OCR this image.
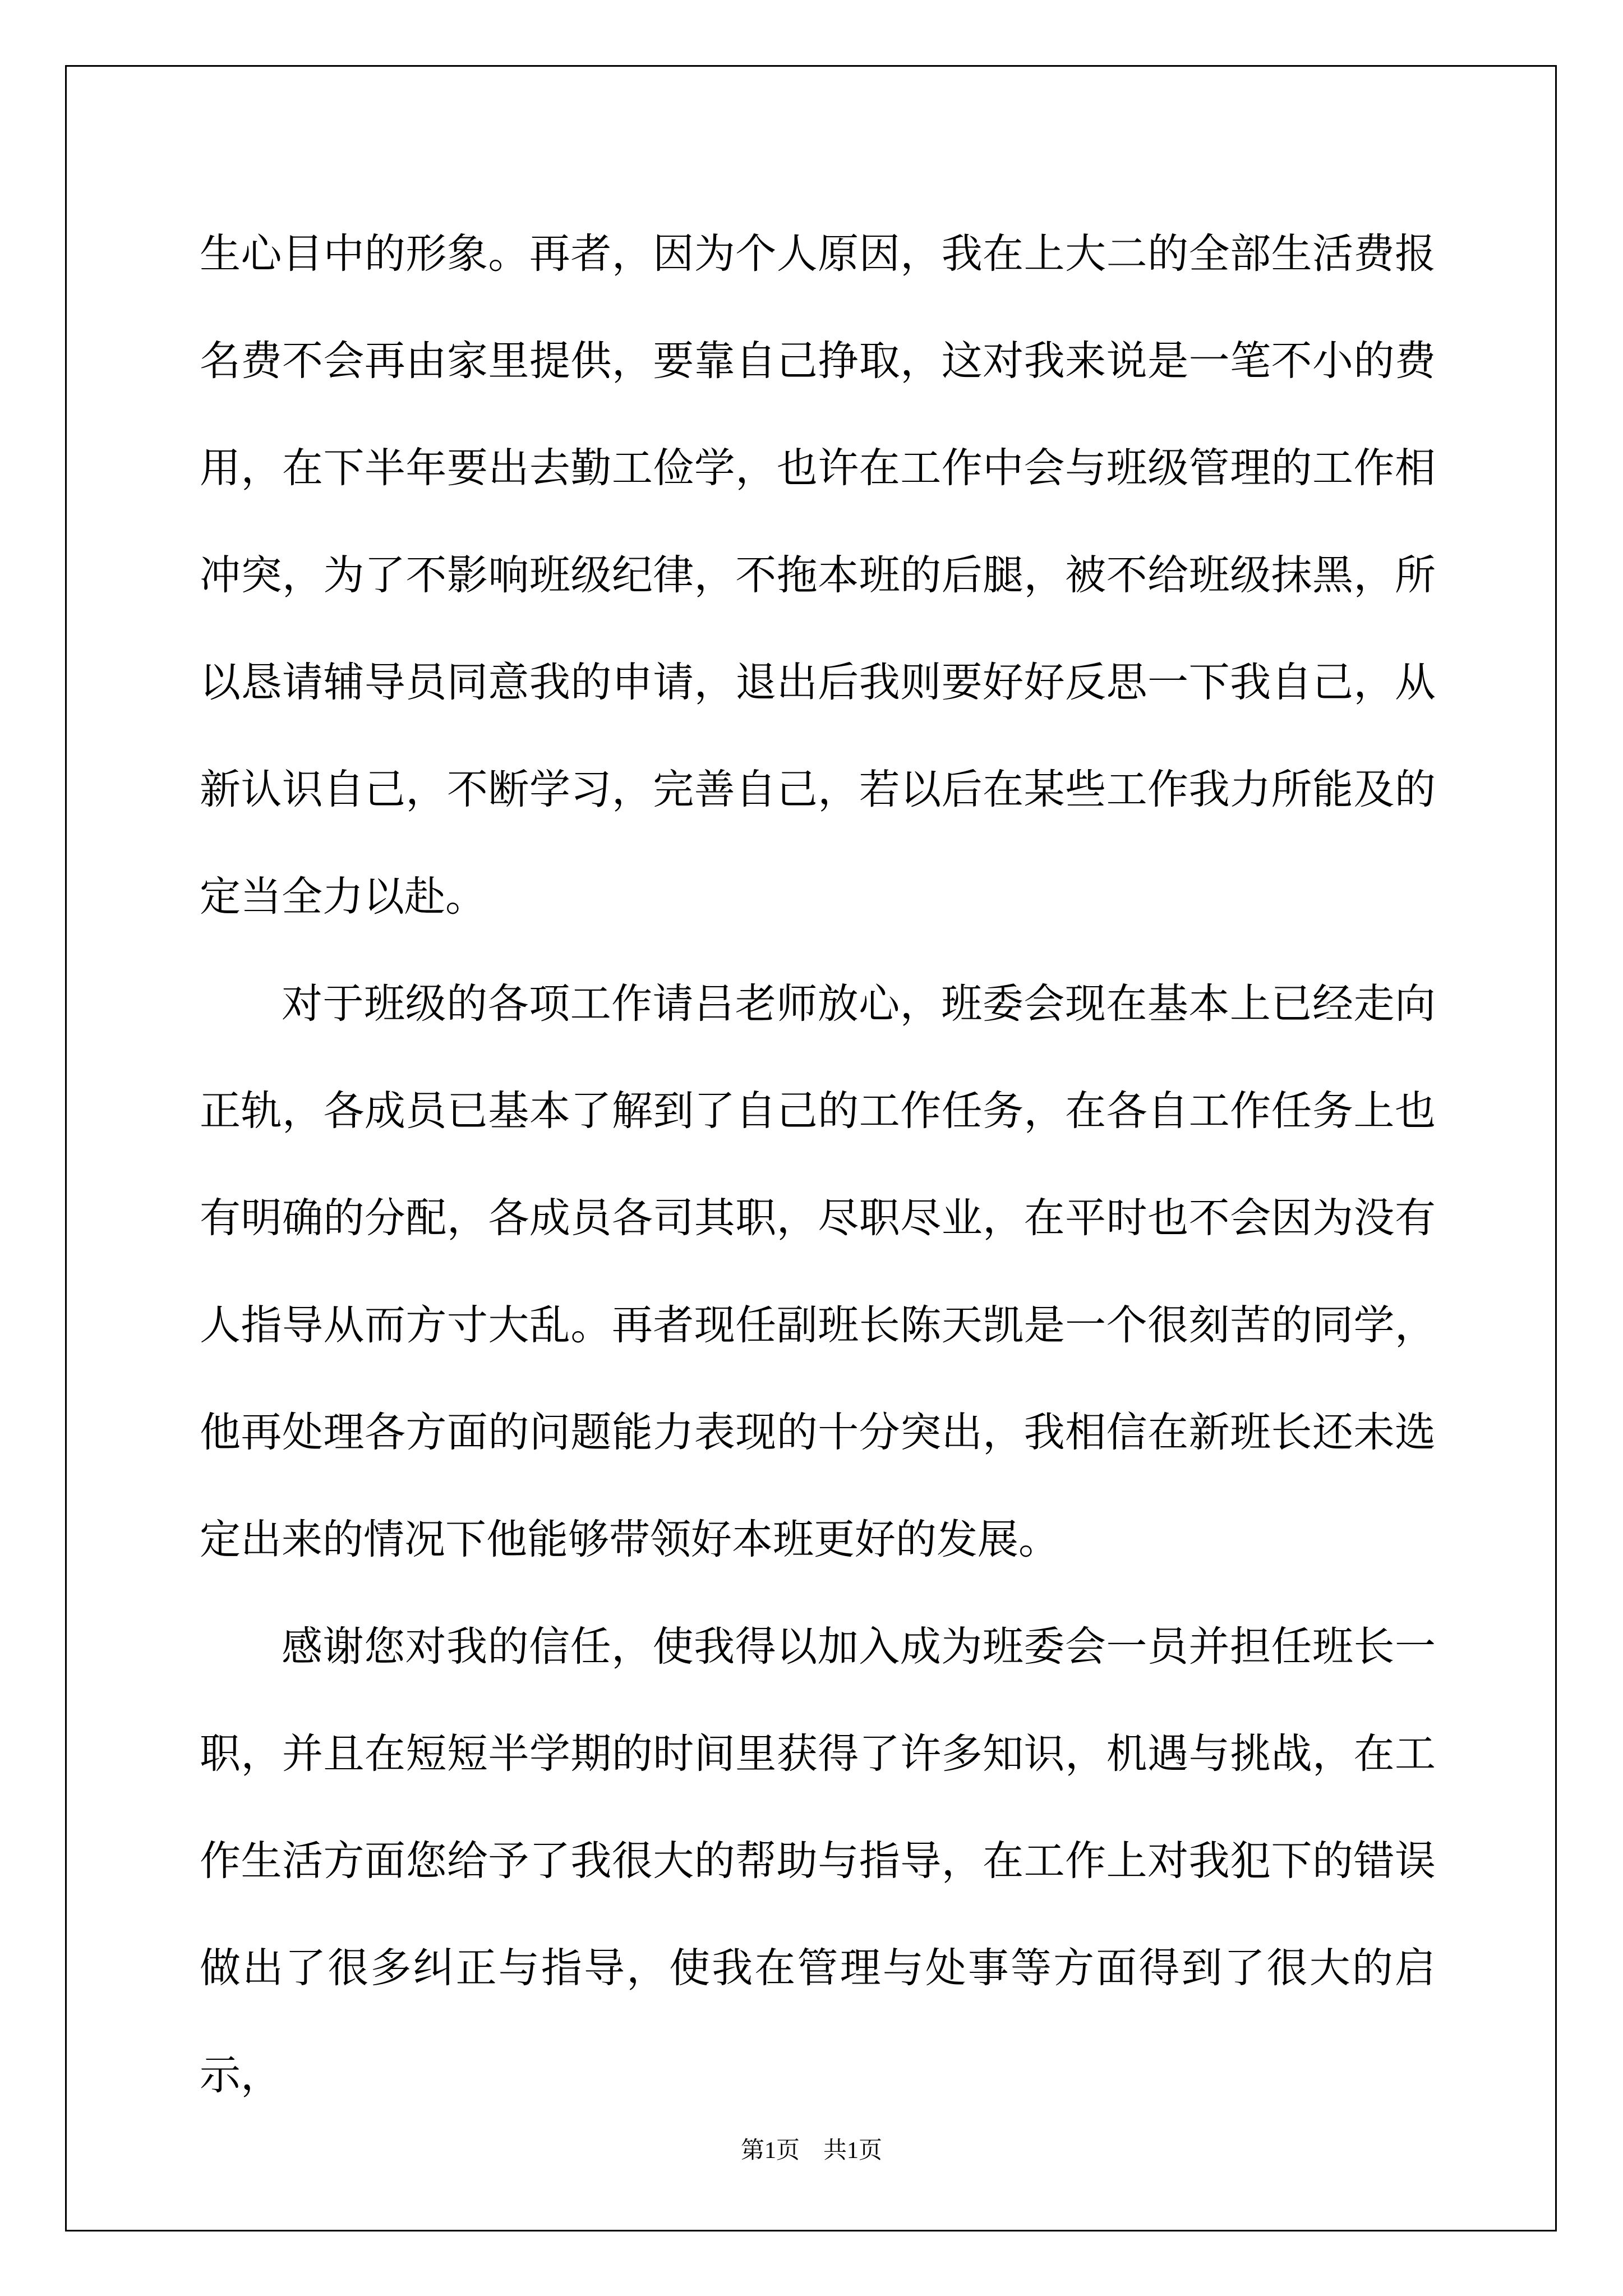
生心目中的形象。再者，因为个人原因，我在上大二的全部生活费报名费不会再由家里提供，要靠自己挣取，这对我来说是一笔不小的费用，在下半年要出去勤工俭学，也许在工作中会与班级管理的工作相冲突，为了不影响班级纪律，不拖本班的后腿，被不给班级抹黑，所以恳请辅导员同意我的申请，退出后我则要好好反思一下我自己，从新认识自己，不断学习，完善自己，若以后在某些工作我力所能及的定当全力以赴。

对于班级的各项工作请吕老师放心，班委会现在基本上已经走向正轨，各成员已基本了解到了自己的工作任务，在各自工作任务上也有明确的分配，各成员各司其职，尽职尽业，在平时也不会因为没有人指导从而方寸大乱。再者现任副班长陈天凯是一个很刻苦的同学，他再处理各方面的问题能力表现的十分突出，我相信在新班长还未选定出来的情况下他能够带领好本班更好的发展。

感谢您对我的信任，使我得以加入成为班委会一员并担任班长一职，并且在短短半学期的时间里获得了许多知识，机遇与挑战，在工作生活方面您给予了我很大的帮助与指导，在工作上对我犯下的错误做出了很多纠正与指导，使我在管理与处事等方面得到了很大的启示，

第1页 共1页
